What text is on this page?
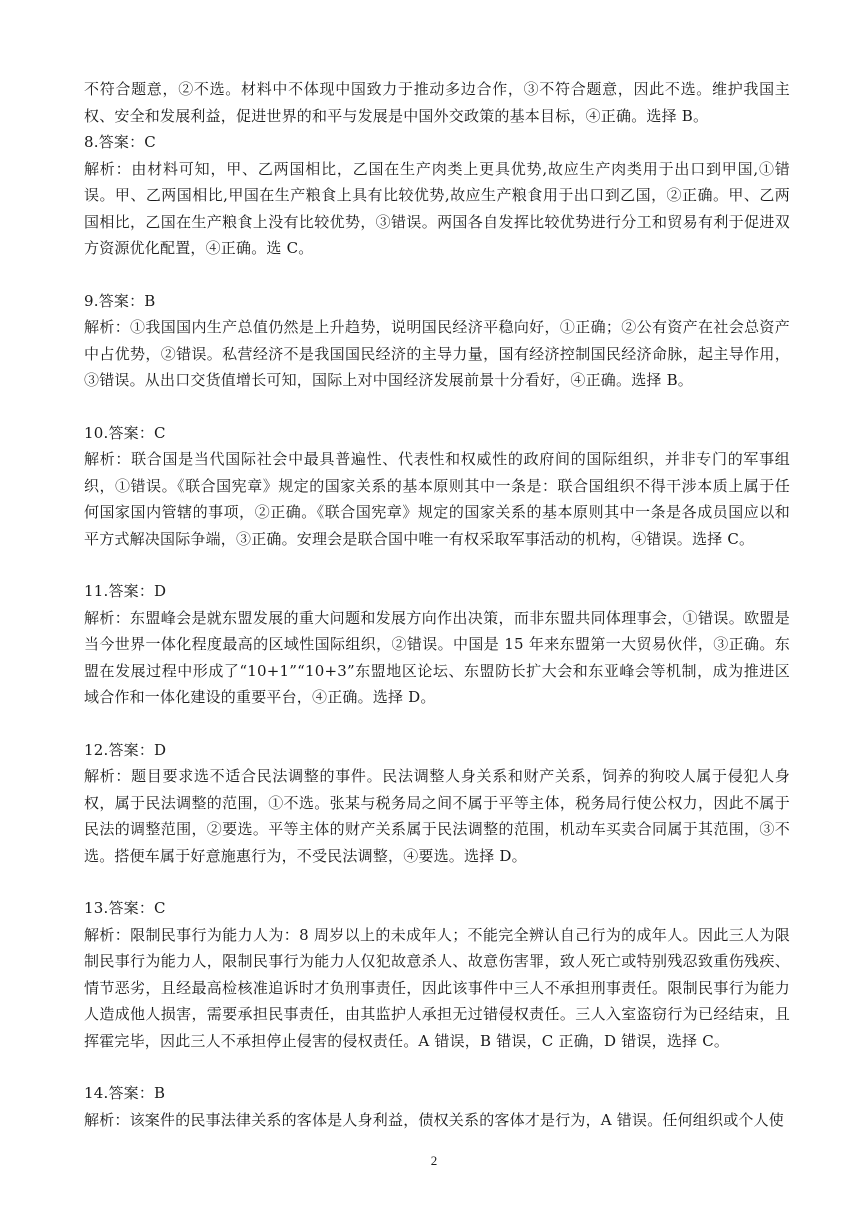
不符合题意，②不选。材料中不体现中国致力于推动多边合作，③不符合题意，因此不选。维护我国主权、安全和发展利益，促进世界的和平与发展是中国外交政策的基本目标，④正确。选择 B。

8.答案：C

解析：由材料可知，甲、乙两国相比，乙国在生产肉类上更具优势,故应生产肉类用于出口到甲国,①错误。甲、乙两国相比,甲国在生产粮食上具有比较优势,故应生产粮食用于出口到乙国，②正确。甲、乙两国相比，乙国在生产粮食上没有比较优势，③错误。两国各自发挥比较优势进行分工和贸易有利于促进双方资源优化配置，④正确。选 C。

9.答案：B

解析：①我国国内生产总值仍然是上升趋势，说明国民经济平稳向好，①正确；②公有资产在社会总资产中占优势，②错误。私营经济不是我国国民经济的主导力量，国有经济控制国民经济命脉，起主导作用，③错误。从出口交货值增长可知，国际上对中国经济发展前景十分看好，④正确。选择 B。

10.答案：C

解析：联合国是当代国际社会中最具普遍性、代表性和权威性的政府间的国际组织，并非专门的军事组织，①错误。《联合国宪章》规定的国家关系的基本原则其中一条是：联合国组织不得干涉本质上属于任何国家国内管辖的事项，②正确。《联合国宪章》规定的国家关系的基本原则其中一条是各成员国应以和平方式解决国际争端，③正确。安理会是联合国中唯一有权采取军事活动的机构，④错误。选择 C。

11.答案：D

解析：东盟峰会是就东盟发展的重大问题和发展方向作出决策，而非东盟共同体理事会，①错误。欧盟是当今世界一体化程度最高的区域性国际组织，②错误。中国是 15 年来东盟第一大贸易伙伴，③正确。东盟在发展过程中形成了“10+1”“10+3”东盟地区论坛、东盟防长扩大会和东亚峰会等机制，成为推进区域合作和一体化建设的重要平台，④正确。选择 D。

12.答案：D

解析：题目要求选不适合民法调整的事件。民法调整人身关系和财产关系，饲养的狗咬人属于侵犯人身权，属于民法调整的范围，①不选。张某与税务局之间不属于平等主体，税务局行使公权力，因此不属于民法的调整范围，②要选。平等主体的财产关系属于民法调整的范围，机动车买卖合同属于其范围，③不选。搭便车属于好意施惠行为，不受民法调整，④要选。选择 D。

13.答案：C

解析：限制民事行为能力人为：8 周岁以上的未成年人；不能完全辨认自己行为的成年人。因此三人为限制民事行为能力人，限制民事行为能力人仅犯故意杀人、故意伤害罪，致人死亡或特别残忍致重伤残疾、情节恶劣，且经最高检核准追诉时才负刑事责任，因此该事件中三人不承担刑事责任。限制民事行为能力人造成他人损害，需要承担民事责任，由其监护人承担无过错侵权责任。三人入室盗窃行为已经结束，且挥霍完毕，因此三人不承担停止侵害的侵权责任。A 错误，B 错误，C 正确，D 错误，选择 C。

14.答案：B

解析：该案件的民事法律关系的客体是人身利益，债权关系的客体才是行为，A 错误。任何组织或个人使

2
